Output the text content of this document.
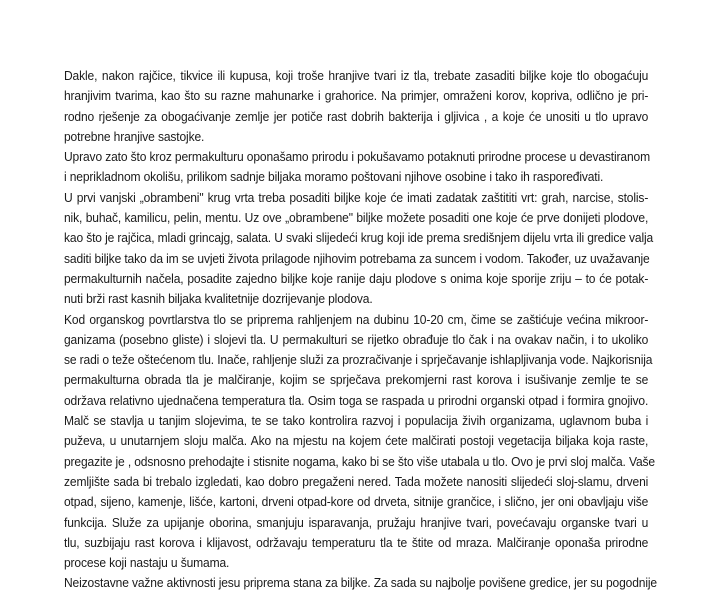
Dakle, nakon rajčice, tikvice ili kupusa, koji troše hranjive tvari iz tla, trebate zasaditi biljke koje tlo obogaćuju
hranjivim tvarima, kao što su razne mahunarke i grahorice. Na primjer, omraženi korov, kopriva, odlično je pri-
rodno rješenje za obogaćivanje zemlje jer potiče rast dobrih bakterija i gljivica , a koje će unositi u tlo upravo
potrebne hranjive sastojke.
Upravo zato što kroz permakulturu oponašamo prirodu i pokušavamo potaknuti prirodne procese u devastiranom
i neprikladnom okolišu, prilikom sadnje biljaka moramo poštovani njihove osobine i tako ih raspoređivati.
U prvi vanjski „obrambeni" krug vrta treba posaditi biljke koje će imati zadatak zaštititi vrt: grah, narcise, stolis-
nik, buhač, kamilicu, pelin, mentu. Uz ove „obrambene" biljke možete posaditi one koje će prve donijeti plodove,
kao što je rajčica, mladi grincajg, salata. U svaki slijedeći krug koji ide prema središnjem dijelu vrta ili gredice valja
saditi biljke tako da im se uvjeti života prilagode njihovim potrebama za suncem i vodom. Također, uz uvažavanje
permakulturnih načela, posadite zajedno biljke koje ranije daju plodove s onima koje sporije zriju – to će potak-
nuti brži rast kasnih biljaka kvalitetnije dozrijevanje plodova.
Kod organskog povrtlarstva tlo se priprema rahljenjem na dubinu 10-20 cm, čime se zaštićuje većina mikroor-
ganizama (posebno gliste) i slojevi tla. U permakulturi se rijetko obrađuje tlo čak i na ovakav način, i to ukoliko
se radi o teže oštećenom tlu. Inače, rahljenje služi za prozračivanje i sprječavanje ishlapljivanja vode. Najkorisnija
permakulturna obrada tla je malčiranje, kojim se sprječava prekomjerni rast korova i isušivanje zemlje te se
održava relativno ujednačena temperatura tla. Osim toga se raspada u prirodni organski otpad i formira gnojivo.
Malč se stavlja u tanjim slojevima, te se tako kontrolira razvoj i populacija živih organizama, uglavnom buba i
puževa, u unutarnjem sloju malča. Ako na mjestu na kojem ćete malčirati postoji vegetacija biljaka koja raste,
pregazite je , odsnosno prehodajte i stisnite nogama, kako bi se što više utabala u tlo. Ovo je prvi sloj malča. Vaše
zemljište sada bi trebalo izgledati, kao dobro pregaženi nered. Tada možete nanositi slijedeći sloj-slamu, drveni
otpad, sijeno, kamenje, lišće, kartoni, drveni otpad-kore od drveta, sitnije grančice, i slično, jer oni obavljaju više
funkcija. Služe za upijanje oborina, smanjuju isparavanja, pružaju hranjive tvari, povećavaju organske tvari u
tlu, suzbijaju rast korova i klijavost, održavaju temperaturu tla te štite od mraza. Malčiranje oponaša prirodne
procese koji nastaju u šumama.
Neizostavne važne aktivnosti jesu priprema stana za biljke. Za sada su najbolje povišene gredice, jer su pogodnije
